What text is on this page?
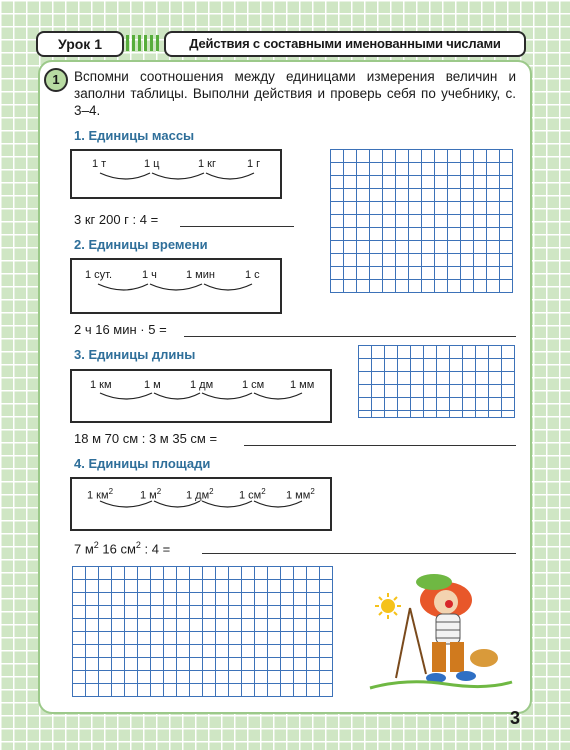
Урок 1	Действия с составными именованными числами
1	Вспомни соотношения между единицами измерения величин и заполни таблицы. Выполни действия и проверь себя по учебнику, с. 3–4.
1. Единицы массы
1 т	1 ц	1 кг	1 г
3 кг 200 г : 4 =
2. Единицы времени
1 сут.	1 ч	1 мин	1 с
2 ч 16 мин · 5 =
3. Единицы длины
1 км	1 м	1 дм	1 см 1 мм
18 м 70 см : 3 м 35 см =
4. Единицы площади
1 $км^2$ 1 $м^2$ 1 $дм^2$ 1 $см^2$ 1 $мм^2$
7 $м^2$ 16 $см^2$ : 4 =
3
